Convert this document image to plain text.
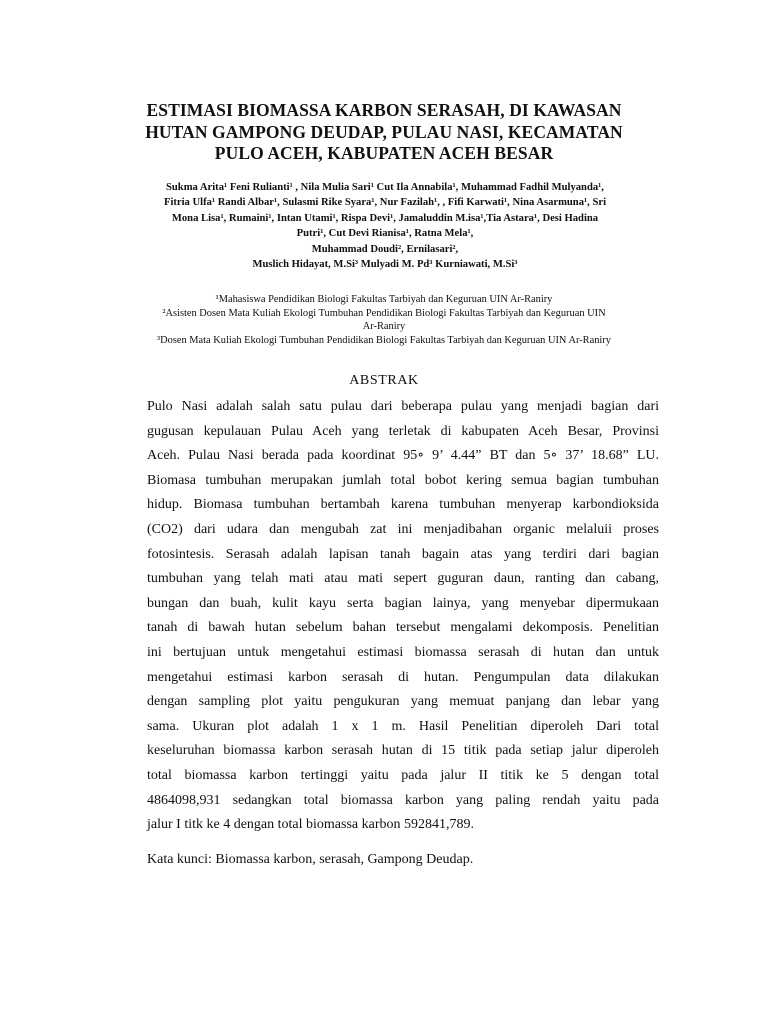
ESTIMASI BIOMASSA KARBON SERASAH, DI KAWASAN
HUTAN GAMPONG DEUDAP, PULAU NASI, KECAMATAN
PULO ACEH, KABUPATEN ACEH BESAR
Sukma Arita¹ Feni Rulianti¹ , Nila Mulia Sari¹ Cut Ila Annabila¹, Muhammad Fadhil Mulyanda¹,
Fitria Ulfa¹ Randi Albar¹, Sulasmi Rike Syara¹, Nur Fazilah¹, , Fifi Karwati¹, Nina Asarmuna¹, Sri
Mona Lisa¹, Rumaini¹, Intan Utami¹, Rispa Devi¹, Jamaluddin M.isa¹,Tia Astara¹, Desi Hadina
Putri¹, Cut Devi Rianisa¹, Ratna Mela¹,
Muhammad Doudi², Ernilasari²,
Muslich Hidayat, M.Si³ Mulyadi M. Pd³ Kurniawati, M.Si³
¹Mahasiswa Pendidikan Biologi Fakultas Tarbiyah dan Keguruan UIN Ar-Raniry
²Asisten Dosen Mata Kuliah Ekologi Tumbuhan Pendidikan Biologi Fakultas Tarbiyah dan Keguruan UIN
Ar-Raniry
³Dosen Mata Kuliah Ekologi Tumbuhan Pendidikan Biologi Fakultas Tarbiyah dan Keguruan UIN Ar-Raniry
ABSTRAK
Pulo Nasi adalah salah satu pulau dari beberapa pulau yang menjadi bagian dari
gugusan kepulauan Pulau Aceh yang terletak di kabupaten Aceh Besar, Provinsi
Aceh. Pulau Nasi berada pada koordinat 95∘ 9’ 4.44” BT dan 5∘ 37’ 18.68” LU.
Biomasa tumbuhan merupakan jumlah total bobot kering semua bagian tumbuhan
hidup. Biomasa tumbuhan bertambah karena tumbuhan menyerap karbondioksida
(CO2) dari udara dan mengubah zat ini menjadibahan organic melaluii proses
fotosintesis. Serasah adalah lapisan tanah bagain atas yang terdiri dari bagian
tumbuhan yang telah mati atau mati sepert guguran daun, ranting dan cabang,
bungan dan buah, kulit kayu serta bagian lainya, yang menyebar dipermukaan
tanah di bawah hutan sebelum bahan tersebut mengalami dekomposis. Penelitian
ini bertujuan untuk mengetahui estimasi biomassa serasah di hutan dan untuk
mengetahui estimasi karbon serasah di hutan. Pengumpulan data dilakukan
dengan sampling plot yaitu pengukuran yang memuat panjang dan lebar yang
sama. Ukuran plot adalah 1 x 1 m. Hasil Penelitian diperoleh Dari total
keseluruhan biomassa karbon serasah hutan di 15 titik pada setiap jalur diperoleh
total biomassa karbon tertinggi yaitu pada jalur II titik ke 5 dengan total
4864098,931 sedangkan total biomassa karbon yang paling rendah yaitu pada
jalur I titk ke 4 dengan total biomassa karbon 592841,789.
Kata kunci: Biomassa karbon, serasah, Gampong Deudap.
